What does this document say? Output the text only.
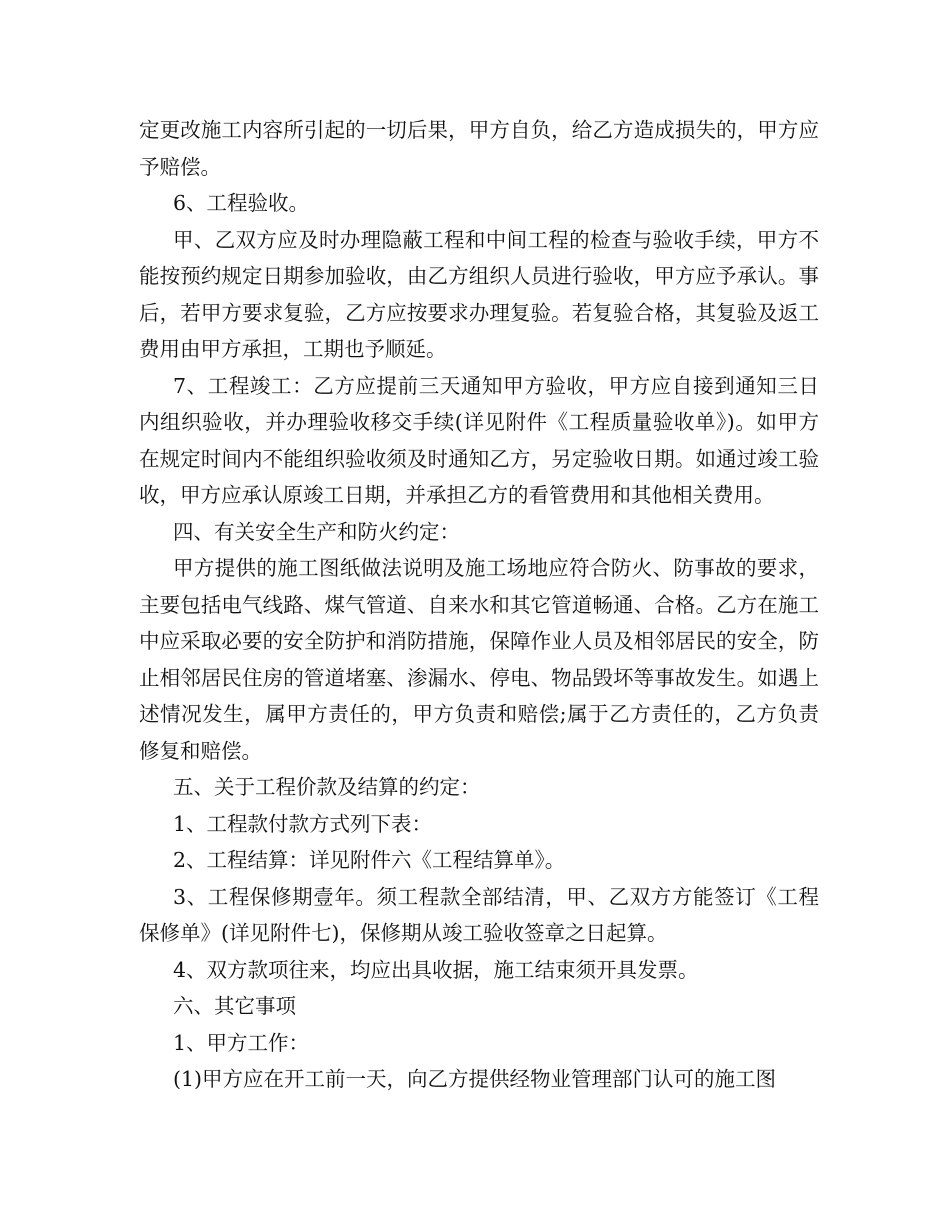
定更改施工内容所引起的一切后果，甲方自负，给乙方造成损失的，甲方应予赔偿。

6、工程验收。

甲、乙双方应及时办理隐蔽工程和中间工程的检查与验收手续，甲方不能按预约规定日期参加验收，由乙方组织人员进行验收，甲方应予承认。事后，若甲方要求复验，乙方应按要求办理复验。若复验合格，其复验及返工费用由甲方承担，工期也予顺延。

7、工程竣工：乙方应提前三天通知甲方验收，甲方应自接到通知三日内组织验收，并办理验收移交手续(详见附件《工程质量验收单》)。如甲方在规定时间内不能组织验收须及时通知乙方，另定验收日期。如通过竣工验收，甲方应承认原竣工日期，并承担乙方的看管费用和其他相关费用。

四、有关安全生产和防火约定：

甲方提供的施工图纸做法说明及施工场地应符合防火、防事故的要求，主要包括电气线路、煤气管道、自来水和其它管道畅通、合格。乙方在施工中应采取必要的安全防护和消防措施，保障作业人员及相邻居民的安全，防止相邻居民住房的管道堵塞、渗漏水、停电、物品毁坏等事故发生。如遇上述情况发生，属甲方责任的，甲方负责和赔偿;属于乙方责任的，乙方负责修复和赔偿。

五、关于工程价款及结算的约定：

1、工程款付款方式列下表：

2、工程结算：详见附件六《工程结算单》。

3、工程保修期壹年。须工程款全部结清，甲、乙双方方能签订《工程保修单》(详见附件七)，保修期从竣工验收签章之日起算。

4、双方款项往来，均应出具收据，施工结束须开具发票。

六、其它事项

1、甲方工作：

(1)甲方应在开工前一天，向乙方提供经物业管理部门认可的施工图
